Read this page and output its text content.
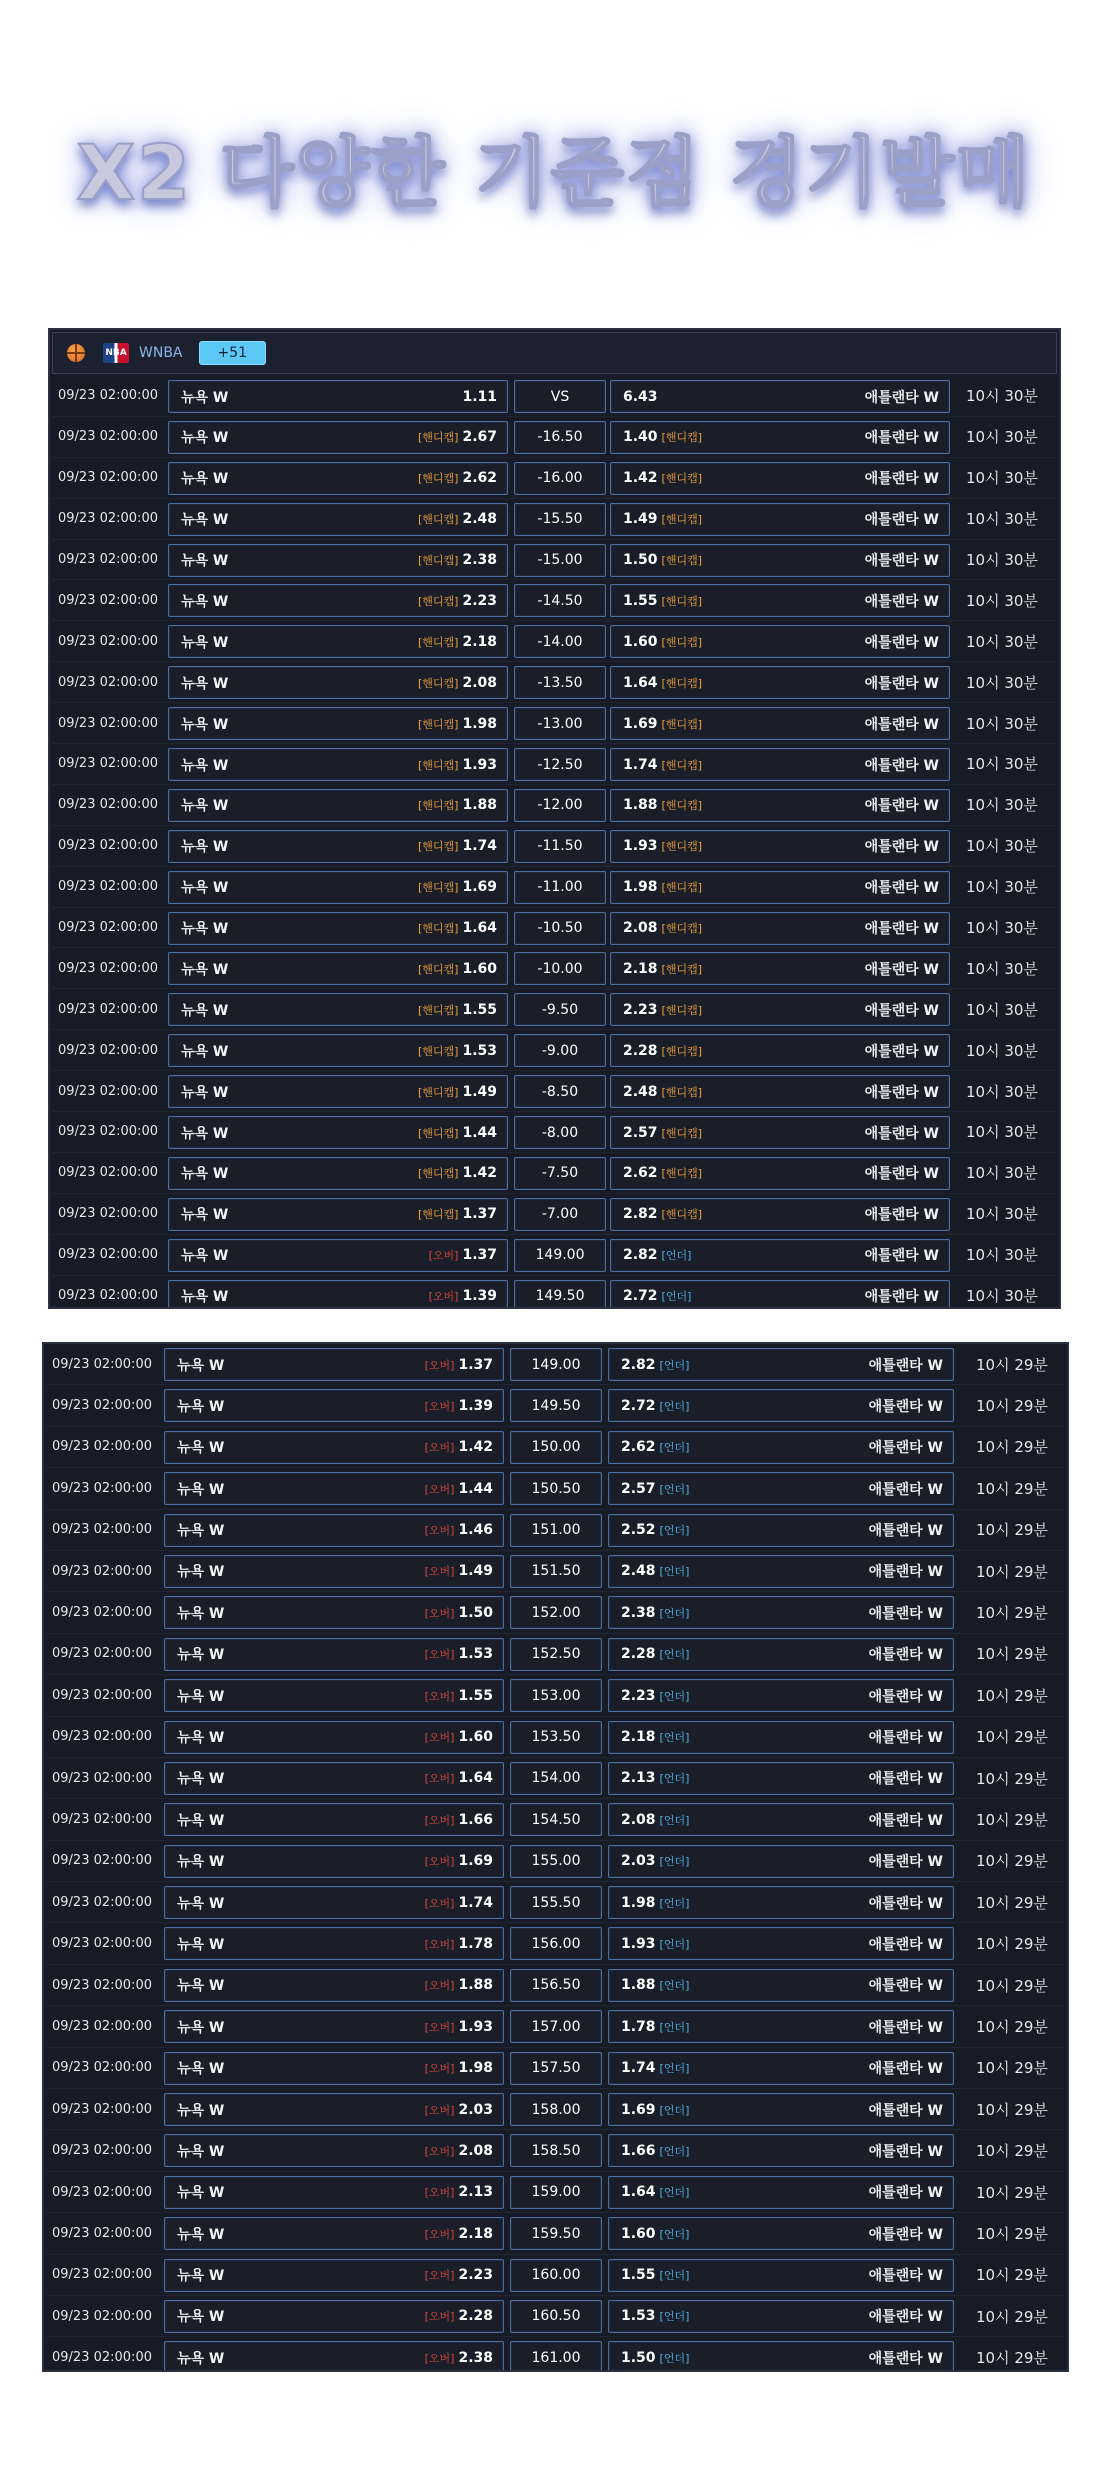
X2 다양한 기준점 경기발매
NBA WNBA	+51
09/23 02:00:00 뉴욕 W	1.11	VS	6.43	애틀랜타 W 10시 30분
09/23 02:00:00 뉴욕 W	[핸디캡] 2.67	-16.50	1.40 [핸디캡]	애틀랜타 W 10시 30분
09/23 02:00:00 뉴욕 W	[핸디캡] 2.62	-16.00	1.42 [핸디캡]	애틀랜타 W 10시 30분
09/23 02:00:00 뉴욕 W	[핸디캡] 2.48	-15.50	1.49 [핸디캡]	애틀랜타 W 10시 30분
09/23 02:00:00 뉴욕 W	[핸디캡] 2.38	-15.00	1.50 [핸디캡]	애틀랜타 W 10시 30분
09/23 02:00:00 뉴욕 W	[핸디캡] 2.23	-14.50	1.55 [핸디캡]	애틀랜타 W 10시 30분
09/23 02:00:00 뉴욕 W	[핸디캡] 2.18	-14.00	1.60 [핸디캡]	애틀랜타 W 10시 30분
09/23 02:00:00 뉴욕 W	[핸디캡] 2.08	-13.50	1.64 [핸디캡]	애틀랜타 W 10시 30분
09/23 02:00:00 뉴욕 W	[핸디캡] 1.98	-13.00	1.69 [핸디캡]	애틀랜타 W 10시 30분
09/23 02:00:00 뉴욕 W	[핸디캡] 1.93	-12.50	1.74 [핸디캡]	애틀랜타 W 10시 30분
09/23 02:00:00 뉴욕 W	[핸디캡] 1.88	-12.00	1.88 [핸디캡]	애틀랜타 W 10시 30분
09/23 02:00:00 뉴욕 W	[핸디캡] 1.74	-11.50	1.93 [핸디캡]	애틀랜타 W 10시 30분
09/23 02:00:00 뉴욕 W	[핸디캡] 1.69	-11.00	1.98 [핸디캡]	애틀랜타 W 10시 30분
09/23 02:00:00 뉴욕 W	[핸디캡] 1.64	-10.50	2.08 [핸디캡]	애틀랜타 W 10시 30분
09/23 02:00:00 뉴욕 W	[핸디캡] 1.60	-10.00	2.18 [핸디캡]	애틀랜타 W 10시 30분
09/23 02:00:00 뉴욕 W	[핸디캡] 1.55	-9.50	2.23 [핸디캡]	애틀랜타 W 10시 30분
09/23 02:00:00 뉴욕 W	[핸디캡] 1.53	-9.00	2.28 [핸디캡]	애틀랜타 W 10시 30분
09/23 02:00:00 뉴욕 W	[핸디캡] 1.49	-8.50	2.48 [핸디캡]	애틀랜타 W 10시 30분
09/23 02:00:00 뉴욕 W	[핸디캡] 1.44	-8.00	2.57 [핸디캡]	애틀랜타 W 10시 30분
09/23 02:00:00 뉴욕 W	[핸디캡] 1.42	-7.50	2.62 [핸디캡]	애틀랜타 W 10시 30분
09/23 02:00:00 뉴욕 W	[핸디캡] 1.37	-7.00	2.82 [핸디캡]	애틀랜타 W 10시 30분
09/23 02:00:00 뉴욕 W	[오버] 1.37	149.00	2.82 [언더]	애틀랜타 W 10시 30분
09/23 02:00:00 뉴욕 W	[오버] 1.39	149.50	2.72 [언더]	애틀랜타 W 10시 30분
09/23 02:00:00 뉴욕 W	[오버] 1.37	149.00	2.82 [언더]	애틀랜타 W 10시 29분
09/23 02:00:00 뉴욕 W	[오버] 1.39	149.50	2.72 [언더]	애틀랜타 W 10시 29분
09/23 02:00:00 뉴욕 W	[오버] 1.42	150.00	2.62 [언더]	애틀랜타 W 10시 29분
09/23 02:00:00 뉴욕 W	[오버] 1.44	150.50	2.57 [언더]	애틀랜타 W 10시 29분
09/23 02:00:00 뉴욕 W	[오버] 1.46	151.00	2.52 [언더]	애틀랜타 W 10시 29분
09/23 02:00:00 뉴욕 W	[오버] 1.49	151.50	2.48 [언더]	애틀랜타 W 10시 29분
09/23 02:00:00 뉴욕 W	[오버] 1.50	152.00	2.38 [언더]	애틀랜타 W 10시 29분
09/23 02:00:00 뉴욕 W	[오버] 1.53	152.50	2.28 [언더]	애틀랜타 W 10시 29분
09/23 02:00:00 뉴욕 W	[오버] 1.55	153.00	2.23 [언더]	애틀랜타 W 10시 29분
09/23 02:00:00 뉴욕 W	[오버] 1.60	153.50	2.18 [언더]	애틀랜타 W 10시 29분
09/23 02:00:00 뉴욕 W	[오버] 1.64	154.00	2.13 [언더]	애틀랜타 W 10시 29분
09/23 02:00:00 뉴욕 W	[오버] 1.66	154.50	2.08 [언더]	애틀랜타 W 10시 29분
09/23 02:00:00 뉴욕 W	[오버] 1.69	155.00	2.03 [언더]	애틀랜타 W 10시 29분
09/23 02:00:00 뉴욕 W	[오버] 1.74	155.50	1.98 [언더]	애틀랜타 W 10시 29분
09/23 02:00:00 뉴욕 W	[오버] 1.78	156.00	1.93 [언더]	애틀랜타 W 10시 29분
09/23 02:00:00 뉴욕 W	[오버] 1.88	156.50	1.88 [언더]	애틀랜타 W 10시 29분
09/23 02:00:00 뉴욕 W	[오버] 1.93	157.00	1.78 [언더]	애틀랜타 W 10시 29분
09/23 02:00:00 뉴욕 W	[오버] 1.98	157.50	1.74 [언더]	애틀랜타 W 10시 29분
09/23 02:00:00 뉴욕 W	[오버] 2.03	158.00	1.69 [언더]	애틀랜타 W 10시 29분
09/23 02:00:00 뉴욕 W	[오버] 2.08	158.50	1.66 [언더]	애틀랜타 W 10시 29분
09/23 02:00:00 뉴욕 W	[오버] 2.13	159.00	1.64 [언더]	애틀랜타 W 10시 29분
09/23 02:00:00 뉴욕 W	[오버] 2.18	159.50	1.60 [언더]	애틀랜타 W 10시 29분
09/23 02:00:00 뉴욕 W	[오버] 2.23	160.00	1.55 [언더]	애틀랜타 W 10시 29분
09/23 02:00:00 뉴욕 W	[오버] 2.28	160.50	1.53 [언더]	애틀랜타 W 10시 29분
09/23 02:00:00 뉴욕 W	[오버] 2.38	161.00	1.50 [언더]	애틀랜타 W 10시 29분
